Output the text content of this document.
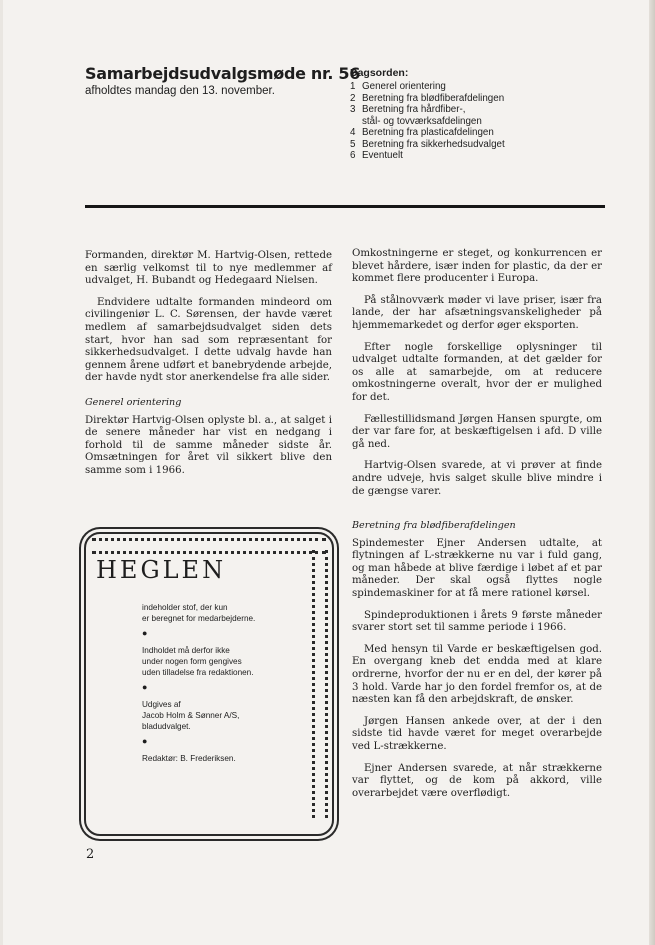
Samarbejdsudvalgsmøde nr. 56
afholdtes mandag den 13. november.
Dagsorden:
1 Generel orientering
2 Beretning fra blødfiberafdelingen
3 Beretning fra hårdfiber-,
stål- og tovværksafdelingen
4 Beretning fra plasticafdelingen
5 Beretning fra sikkerhedsudvalget
6 Eventuelt

Formanden, direktør M. Hartvig-Olsen, rettede en særlig velkomst til to nye medlemmer af udvalget, H. Bubandt og Hedegaard Nielsen.

Endvidere udtalte formanden mindeord om civilingeniør L. C. Sørensen, der havde været medlem af samarbejdsudvalget siden dets start, hvor han sad som repræsentant for sikkerhedsudvalget. I dette udvalg havde han gennem årene udført et banebrydende arbejde, der havde nydt stor anerkendelse fra alle sider.

Generel orientering

Direktør Hartvig-Olsen oplyste bl. a., at salget i de senere måneder har vist en nedgang i forhold til de samme måneder sidste år. Omsætningen for året vil sikkert blive den samme som i 1966.

HEGLEN
indeholder stof, der kun
er beregnet for medarbejderne.
●
Indholdet må derfor ikke
under nogen form gengives
uden tilladelse fra redaktionen.
●
Udgives af
Jacob Holm & Sønner A/S,
bladudvalget.
●
Redaktør: B. Frederiksen.

Omkostningerne er steget, og konkurrencen er blevet hårdere, især inden for plastic, da der er kommet flere producenter i Europa.

På stålnovværk møder vi lave priser, især fra lande, der har afsætningsvanskeligheder på hjemmemarkedet og derfor øger eksporten.

Efter nogle forskellige oplysninger til udvalget udtalte formanden, at det gælder for os alle at samarbejde, om at reducere omkostningerne overalt, hvor der er mulighed for det.

Fællestillidsmand Jørgen Hansen spurgte, om der var fare for, at beskæftigelsen i afd. D ville gå ned.

Hartvig-Olsen svarede, at vi prøver at finde andre udveje, hvis salget skulle blive mindre i de gængse varer.

Beretning fra blødfiberafdelingen

Spindemester Ejner Andersen udtalte, at flytningen af L-strækkerne nu var i fuld gang, og man håbede at blive færdige i løbet af et par måneder. Der skal også flyttes nogle spindemaskiner for at få mere rationel kørsel.

Spindeproduktionen i årets 9 første måneder svarer stort set til samme periode i 1966.

Med hensyn til Varde er beskæftigelsen god. En overgang kneb det endda med at klare ordrerne, hvorfor der nu er en del, der kører på 3 hold. Varde har jo den fordel fremfor os, at de næsten kan få den arbejdskraft, de ønsker.

Jørgen Hansen ankede over, at der i den sidste tid havde været for meget overarbejde ved L-strækkerne.

Ejner Andersen svarede, at når strækkerne var flyttet, og de kom på akkord, ville overarbejdet være overflødigt.

2
